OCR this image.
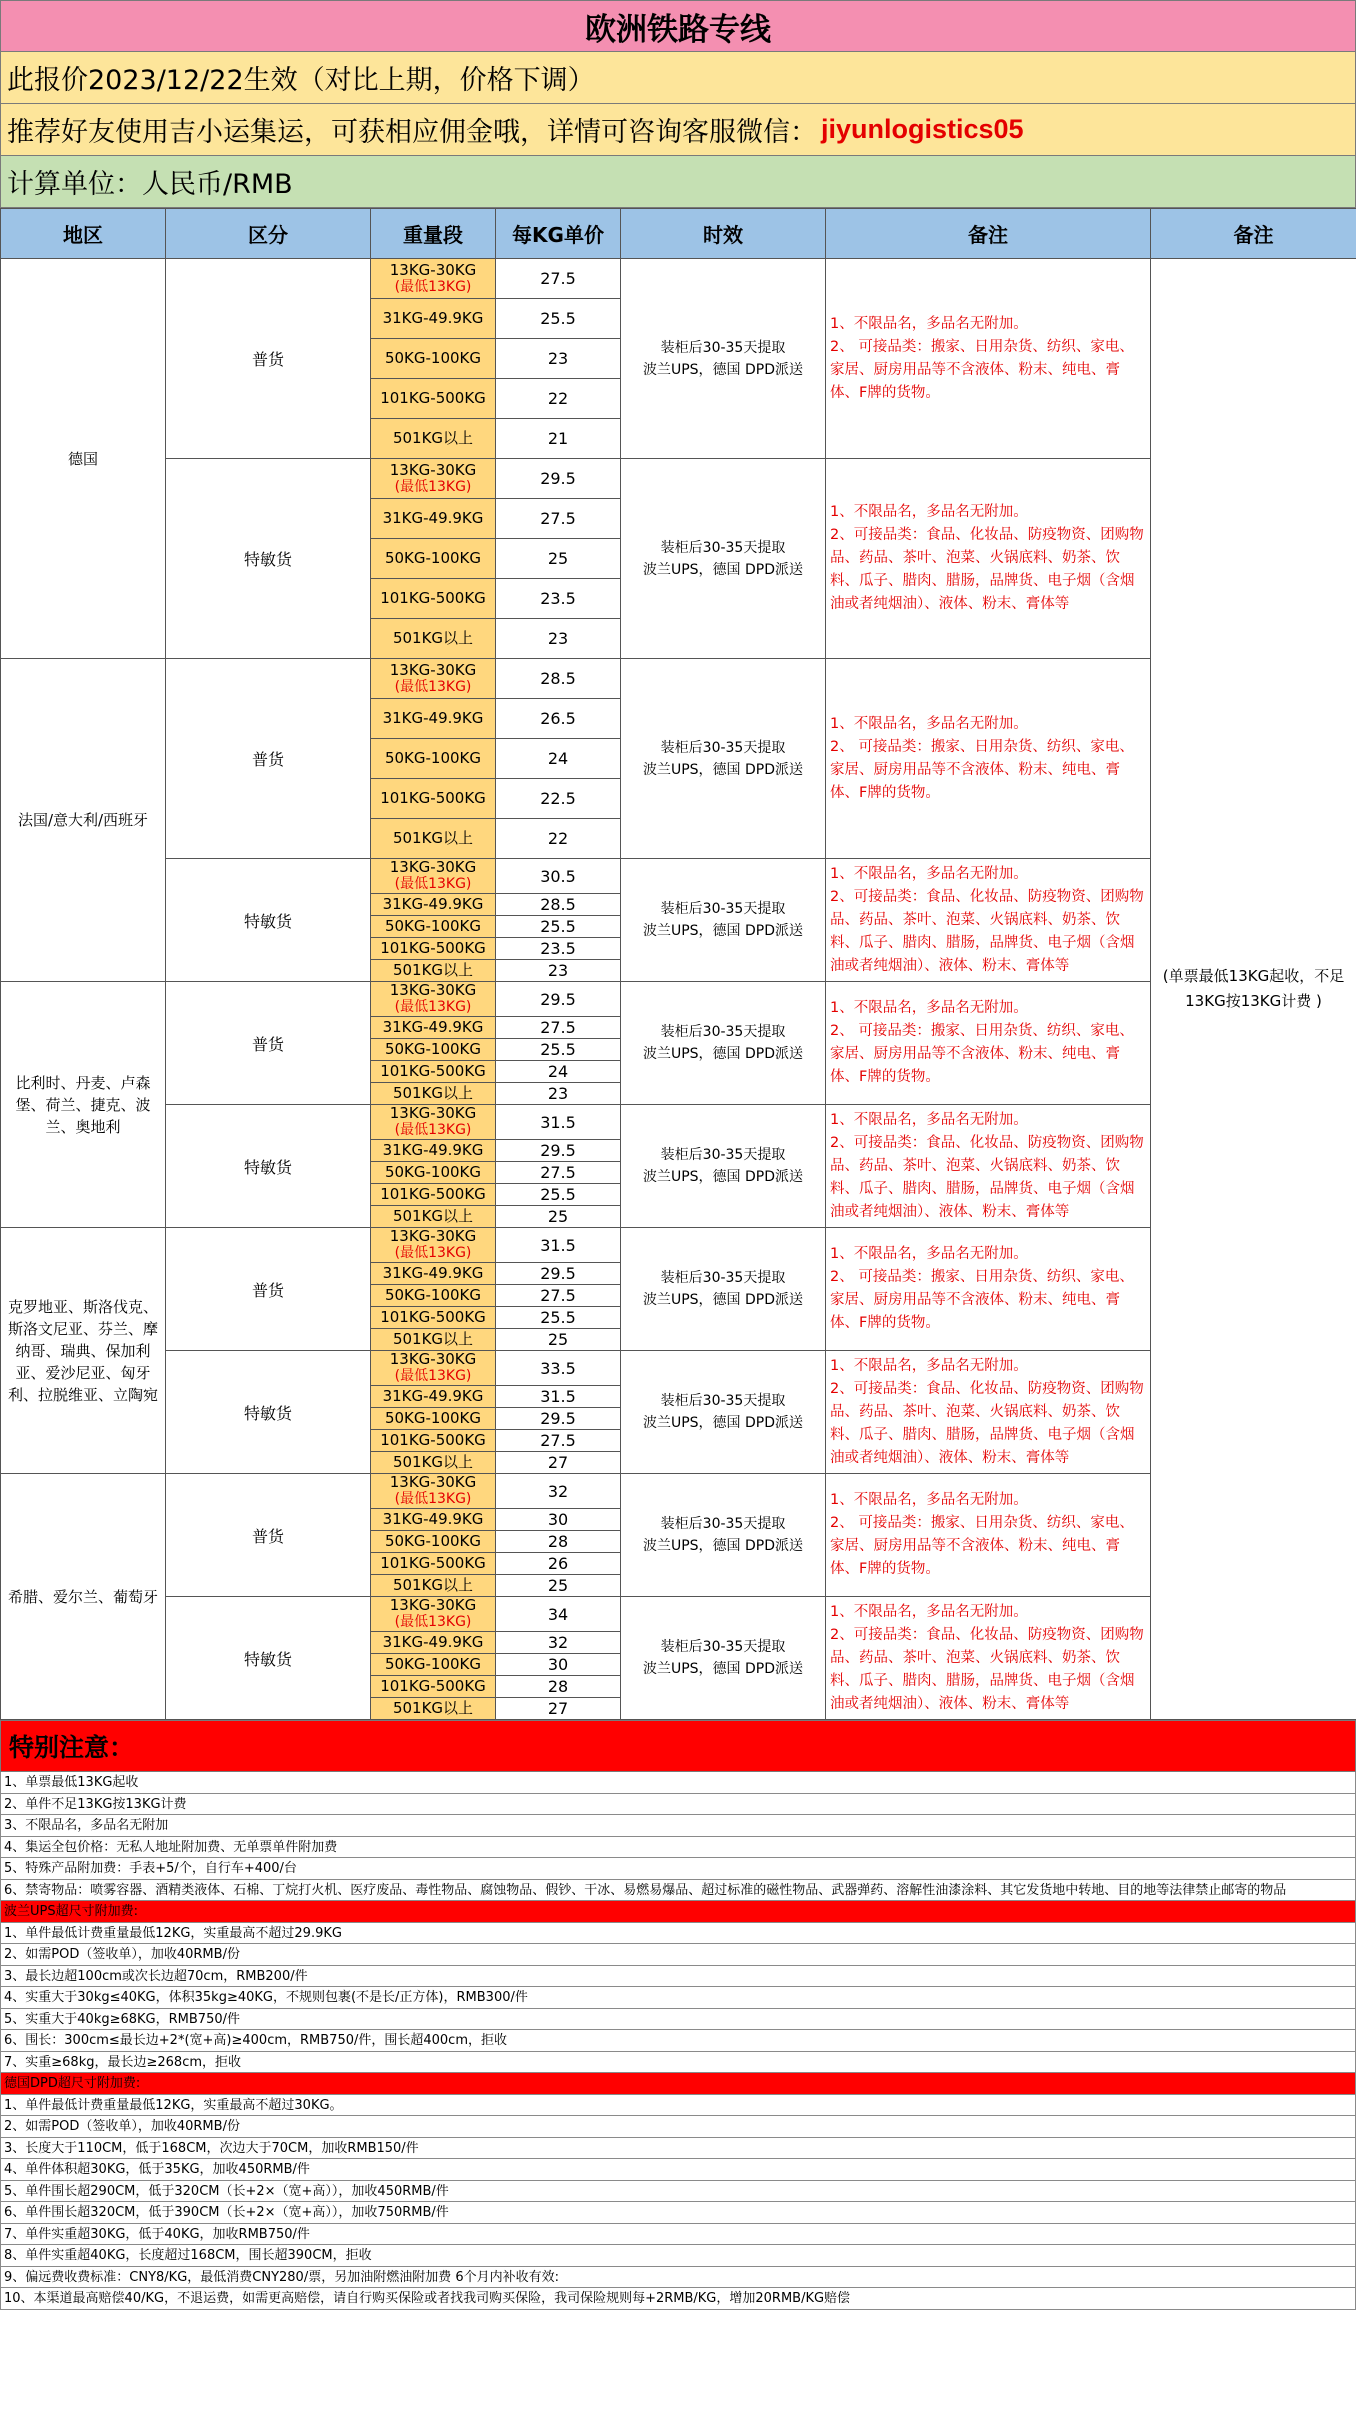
欧洲铁路专线
此报价2023/12/22生效（对比上期，价格下调）
推荐好友使用吉小运集运，可获相应佣金哦，详情可咨询客服微信： jiyunlogistics05
计算单位：人民币/RMB
地区	区分	重量段	每KG单价	时效	备注	备注
德国	普货	13KG-30KG
(最低13KG)	27.5	装柜后30-35天提取
波兰UPS，德国 DPD派送	1、不限品名，多品名无附加。
2、 可接品类：搬家、日用杂货、纺织、家电、家居、厨房用品等不含液体、粉末、纯电、膏体、F牌的货物。	(单票最低13KG起收，不足13KG按13KG计费 )
		31KG-49.9KG	25.5			
		50KG-100KG	23			
		101KG-500KG	22			
		501KG以上	21			
	特敏货	13KG-30KG
(最低13KG)	29.5	装柜后30-35天提取
波兰UPS，德国 DPD派送	1、不限品名，多品名无附加。
2、可接品类：食品、化妆品、防疫物资、团购物品、药品、茶叶、泡菜、火锅底料、奶茶、饮料、瓜子、腊肉、腊肠，品牌货、电子烟（含烟油或者纯烟油）、液体、粉末、膏体等	
		31KG-49.9KG	27.5			
		50KG-100KG	25			
		101KG-500KG	23.5			
		501KG以上	23			
法国/意大利/西班牙	普货	13KG-30KG
(最低13KG)	28.5	装柜后30-35天提取
波兰UPS，德国 DPD派送	1、不限品名，多品名无附加。
2、 可接品类：搬家、日用杂货、纺织、家电、家居、厨房用品等不含液体、粉末、纯电、膏体、F牌的货物。	
		31KG-49.9KG	26.5			
		50KG-100KG	24			
		101KG-500KG	22.5			
		501KG以上	22			
	特敏货	13KG-30KG
(最低13KG)	30.5	装柜后30-35天提取
波兰UPS，德国 DPD派送	1、不限品名，多品名无附加。
2、可接品类：食品、化妆品、防疫物资、团购物品、药品、茶叶、泡菜、火锅底料、奶茶、饮料、瓜子、腊肉、腊肠，品牌货、电子烟（含烟油或者纯烟油）、液体、粉末、膏体等	
		31KG-49.9KG	28.5			
		50KG-100KG	25.5			
		101KG-500KG	23.5			
		501KG以上	23			
比利时、丹麦、卢森堡、荷兰、捷克、波兰、奥地利	普货	13KG-30KG
(最低13KG)	29.5	装柜后30-35天提取
波兰UPS，德国 DPD派送	1、不限品名，多品名无附加。
2、 可接品类：搬家、日用杂货、纺织、家电、家居、厨房用品等不含液体、粉末、纯电、膏体、F牌的货物。	
		31KG-49.9KG	27.5			
		50KG-100KG	25.5			
		101KG-500KG	24			
		501KG以上	23			
	特敏货	13KG-30KG
(最低13KG)	31.5	装柜后30-35天提取
波兰UPS，德国 DPD派送	1、不限品名，多品名无附加。
2、可接品类：食品、化妆品、防疫物资、团购物品、药品、茶叶、泡菜、火锅底料、奶茶、饮料、瓜子、腊肉、腊肠，品牌货、电子烟（含烟油或者纯烟油）、液体、粉末、膏体等	
		31KG-49.9KG	29.5			
		50KG-100KG	27.5			
		101KG-500KG	25.5			
		501KG以上	25			
克罗地亚、斯洛伐克、斯洛文尼亚、芬兰、摩纳哥、瑞典、保加利亚、爱沙尼亚、匈牙利、拉脱维亚、立陶宛	普货	13KG-30KG
(最低13KG)	31.5	装柜后30-35天提取
波兰UPS，德国 DPD派送	1、不限品名，多品名无附加。
2、 可接品类：搬家、日用杂货、纺织、家电、家居、厨房用品等不含液体、粉末、纯电、膏体、F牌的货物。	
		31KG-49.9KG	29.5			
		50KG-100KG	27.5			
		101KG-500KG	25.5			
		501KG以上	25			
	特敏货	13KG-30KG
(最低13KG)	33.5	装柜后30-35天提取
波兰UPS，德国 DPD派送	1、不限品名，多品名无附加。
2、可接品类：食品、化妆品、防疫物资、团购物品、药品、茶叶、泡菜、火锅底料、奶茶、饮料、瓜子、腊肉、腊肠，品牌货、电子烟（含烟油或者纯烟油）、液体、粉末、膏体等	
		31KG-49.9KG	31.5			
		50KG-100KG	29.5			
		101KG-500KG	27.5			
		501KG以上	27			
希腊、爱尔兰、葡萄牙	普货	13KG-30KG
(最低13KG)	32	装柜后30-35天提取
波兰UPS，德国 DPD派送	1、不限品名，多品名无附加。
2、 可接品类：搬家、日用杂货、纺织、家电、家居、厨房用品等不含液体、粉末、纯电、膏体、F牌的货物。	
		31KG-49.9KG	30			
		50KG-100KG	28			
		101KG-500KG	26			
		501KG以上	25			
	特敏货	13KG-30KG
(最低13KG)	34	装柜后30-35天提取
波兰UPS，德国 DPD派送	1、不限品名，多品名无附加。
2、可接品类：食品、化妆品、防疫物资、团购物品、药品、茶叶、泡菜、火锅底料、奶茶、饮料、瓜子、腊肉、腊肠，品牌货、电子烟（含烟油或者纯烟油）、液体、粉末、膏体等	
		31KG-49.9KG	32			
		50KG-100KG	30			
		101KG-500KG	28			
		501KG以上	27			
特别注意：
1、单票最低13KG起收
2、单件不足13KG按13KG计费
3、不限品名，多品名无附加
4、集运全包价格：无私人地址附加费、无单票单件附加费
5、特殊产品附加费：手表+5/个，自行车+400/台
6、禁寄物品：喷雾容器、酒精类液体、石棉、丁烷打火机、医疗废品、毒性物品、腐蚀物品、假钞、干冰、易燃易爆品、超过标准的磁性物品、武器弹药、溶解性油漆涂料、其它发货地中转地、目的地等法律禁止邮寄的物品
波兰UPS超尺寸附加费:
1、单件最低计费重量最低12KG，实重最高不超过29.9KG
2、如需POD（签收单），加收40RMB/份
3、最长边超100cm或次长边超70cm，RMB200/件
4、实重大于30kg≤40KG，体积35kg≥40KG，不规则包裹(不是长/正方体)，RMB300/件
5、实重大于40kg≥68KG，RMB750/件
6、围长：300cm≤最长边+2*(宽+高)≥400cm，RMB750/件，围长超400cm，拒收
7、实重≥68kg，最长边≥268cm，拒收
德国DPD超尺寸附加费:
1、单件最低计费重量最低12KG，实重最高不超过30KG。
2、如需POD（签收单），加收40RMB/份
3、长度大于110CM，低于168CM，次边大于70CM，加收RMB150/件
4、单件体积超30KG，低于35KG，加收450RMB/件
5、单件围长超290CM，低于320CM（长+2×（宽+高）），加收450RMB/件
6、单件围长超320CM，低于390CM（长+2×（宽+高）），加收750RMB/件
7、单件实重超30KG，低于40KG，加收RMB750/件
8、单件实重超40KG，长度超过168CM，围长超390CM，拒收
9、偏远费收费标准：CNY8/KG，最低消费CNY280/票，另加油附燃油附加费 6个月内补收有效:
10、本渠道最高赔偿40/KG，不退运费，如需更高赔偿，请自行购买保险或者找我司购买保险，我司保险规则每+2RMB/KG，增加20RMB/KG赔偿
